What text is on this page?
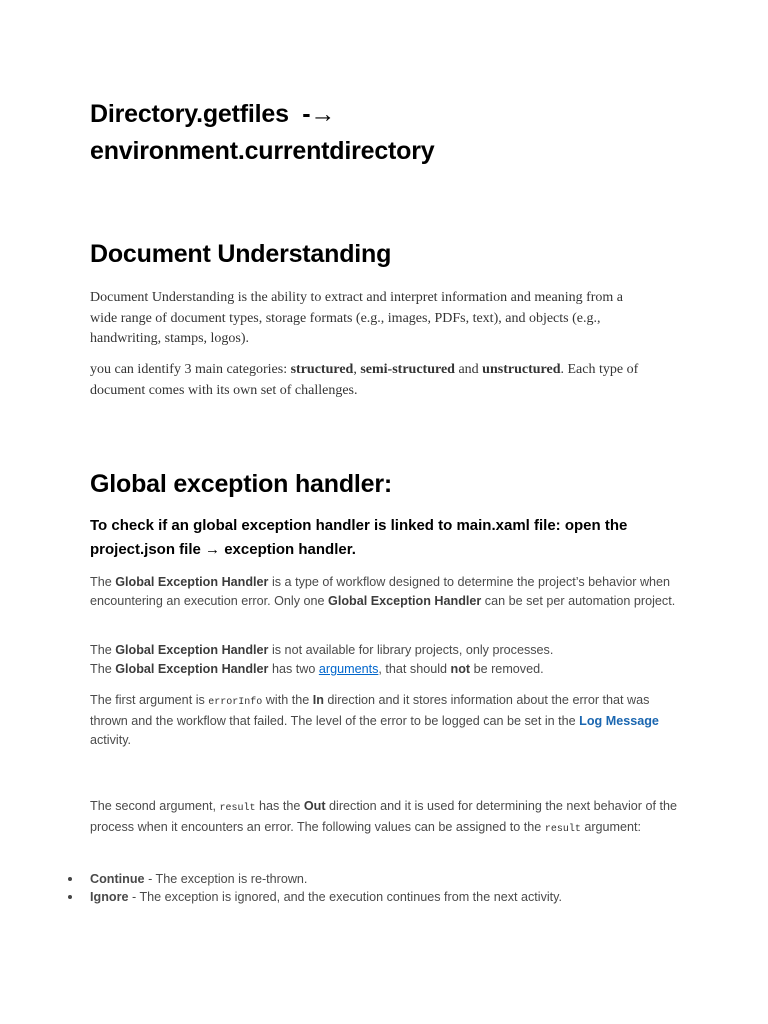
Directory.getfiles -→

environment.currentdirectory

Document Understanding

Document Understanding is the ability to extract and interpret information and meaning from a wide range of document types, storage formats (e.g., images, PDFs, text), and objects (e.g., handwriting, stamps, logos).

you can identify 3 main categories: structured, semi-structured and unstructured. Each type of document comes with its own set of challenges.

Global exception handler:

To check if an global exception handler is linked to main.xaml file: open the project.json file → exception handler.

The Global Exception Handler is a type of workflow designed to determine the project’s behavior when encountering an execution error. Only one Global Exception Handler can be set per automation project.

The Global Exception Handler is not available for library projects, only processes.
The Global Exception Handler has two arguments, that should not be removed.

The first argument is errorInfo with the In direction and it stores information about the error that was thrown and the workflow that failed. The level of the error to be logged can be set in the Log Message activity.

The second argument, result has the Out direction and it is used for determining the next behavior of the process when it encounters an error. The following values can be assigned to the result argument:

Continue - The exception is re-thrown.
Ignore - The exception is ignored, and the execution continues from the next activity.
